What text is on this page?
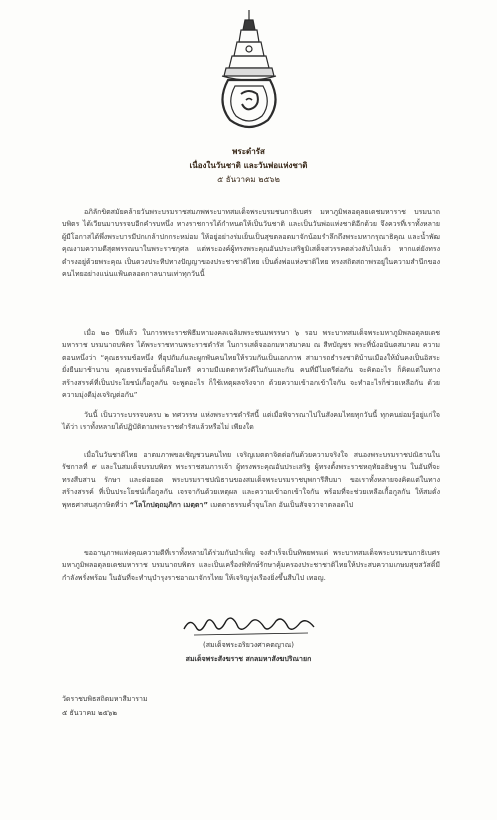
พระดำรัส
เนื่องในวันชาติ และวันพ่อแห่งชาติ
๕ ธันวาคม ๒๕๖๒
อภิลักขิตสมัยคล้ายวันพระบรมราชสมภพพระบาทสมเด็จพระบรมชนกาธิเบศร มหาภูมิพลอดุลยเดชมหาราช บรมนาถบพิตร ได้เวียนมาบรรจบอีกคำรบหนึ่ง ทางราชการได้กำหนดให้เป็นวันชาติ และเป็นวันพ่อแห่งชาติอีกด้วย จึงควรที่เราทั้งหลาย ผู้มีโอกาสได้พึ่งพระบารมีปกเกล้าปกกระหม่อม ให้อยู่อย่างร่มเย็นเป็นสุขตลอดมาจักน้อมรำลึกถึงพระมหากรุณาธิคุณ และน้ำพัฒคุณงามความดีสุดพรรณนาในพระราชกุศล แต่พระองค์ผู้ทรงพระคุณอันประเสริฐมิเสด็จสวรรคตล่วงลับไปแล้ว หากแต่ยังทรงดำรงอยู่ด้วยพระคุณ เป็นดวงประทีปทางปัญญาของประชาชาติไทย เป็นดั่งพ่อแห่งชาติไทย ทรงสถิตสถาพรอยู่ในความสำนึกของคนไทยอย่างแน่นแฟ้นตลอดกาลนานเท่าทุกวันนี้
เมื่อ ๒๐ ปีที่แล้ว ในการพระราชพิธีมหามงคลเฉลิมพระชนมพรรษา ๖ รอบ พระบาทสมเด็จพระมหาภูมิพลอดุลยเดชมหาราช บรมนาถบพิตร ได้พระราชทานพระราชดำรัส ในการเสด็จออกมหาสมาคม ณ สีหบัญชร พระที่นั่งอนันตสมาคม ความตอนหนึ่งว่า “คุณธรรมข้อหนึ่ง ที่อุปถัมภ์และผูกพันคนไทยให้รวมกันเป็นเอกภาพ สามารถธำรงชาติบ้านเมืองให้มั่นคงเป็นอิสระยั่งยืนมาช้านาน คุณธรรมข้อนั้นก็คือไมตรี ความมีเมตตาหวังดีในกันและกัน คนที่มีไมตรีต่อกัน จะคิดอะไร ก็คิดแต่ในทางสร้างสรรค์ที่เป็นประโยชน์เกื้อกูลกัน จะพูดอะไร ก็ใช้เหตุผลจริงจาก ด้วยความเข้าอกเข้าใจกัน จะทำอะไรก็ช่วยเหลือกัน ด้วยความมุ่งดีมุ่งเจริญต่อกัน”
วันนี้ เป็นวาระบรรจบครบ ๒ ทศวรรษ แห่งพระราชดำรัสนี้ แต่เมื่อพิจารณาไปในสังคมไทยทุกวันนี้ ทุกคนย่อมรู้อยู่แก่ใจได้ว่า เราทั้งหลายได้ปฏิบัติตามพระราชดำรัสแล้วหรือไม่ เพียงใด
เมื่อในวันชาติไทย อาตมภาพขอเชิญชวนคนไทย เจริญเมตตาจิตต่อกันด้วยความจริงใจ สนองพระบรมราชปณิธานในรัชกาลที่ ๙ และในสมเด็จบรมบพิตร พระราชสมภารเจ้า ผู้ทรงพระคุณอันประเสริฐ ผู้ทรงตั้งพระราชหฤทัยอธิษฐาน ในอันที่จะทรงสืบสาน รักษา และต่อยอด พระบรมราชปณิธานของสมเด็จพระบรมราชบุพการีสืบมา ขอเราทั้งหลายจงคิดแต่ในทางสร้างสรรค์ ที่เป็นประโยชน์เกื้อกูลกัน เจรจากันด้วยเหตุผล และความเข้าอกเข้าใจกัน พร้อมที่จะช่วยเหลือเกื้อกูลกัน ให้สมดั่งพุทธศาสนสุภาษิตที่ว่า “โลโกปตฺถมฺภิกา เมตฺตา” เมตตาธรรมค้ำจุนโลก อันเป็นสัจจวาจาตลอดไป
ขออานุภาพแห่งคุณความดีที่เราทั้งหลายได้ร่วมกันบำเพ็ญ จงสำเร็จเป็นทิพยพรแด่ พระบาทสมเด็จพระบรมชนกาธิเบศร มหาภูมิพลอดุลยเดชมหาราช บรมนาถบพิตร และเป็นเครื่องพิทักษ์รักษาคุ้มครองประชาชาติไทยให้ประสบความเกษมสุขสวัสดิ์มีกำลังพรั่งพร้อม ในอันที่จะทำนุบำรุงราชอาณาจักรไทย ให้เจริญรุ่งเรืองยิ่งขึ้นสืบไป เทอญ.
(สมเด็จพระอริยวงศาคตญาณ)
สมเด็จพระสังฆราช สกลมหาสังฆปริณายก
วัดราชบพิธสถิตมหาสีมาราม
๕ ธันวาคม ๒๕๖๒
